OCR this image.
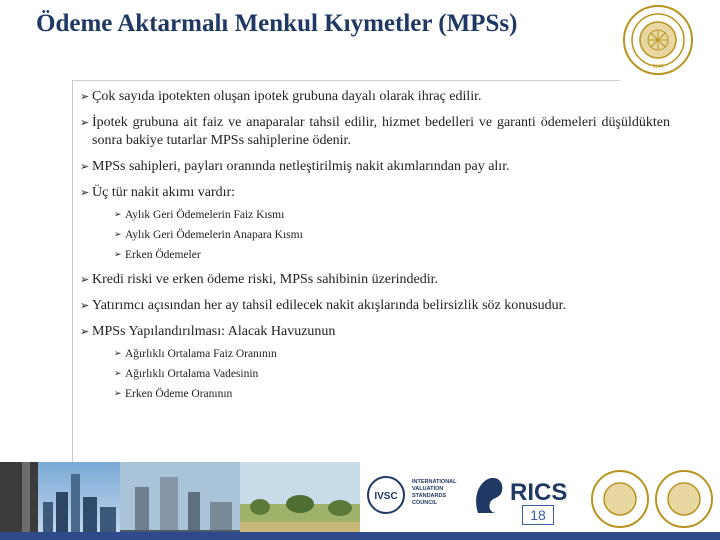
Ödeme Aktarmalı Menkul Kıymetler (MPSs)
1946
➢ Çok sayıda ipotekten oluşan ipotek grubuna dayalı olarak ihraç edilir.
➢ İpotek grubuna ait faiz ve anaparalar tahsil edilir, hizmet bedelleri ve garanti ödemeleri düşüldükten sonra bakiye tutarlar MPSs sahiplerine ödenir.
➢ MPSs sahipleri, payları oranında netleştirilmiş nakit akımlarından pay alır.
➢ Üç tür nakit akımı vardır:
➢ Aylık Geri Ödemelerin Faiz Kısmı
➢ Aylık Geri Ödemelerin Anapara Kısmı
➢ Erken Ödemeler
➢ Kredi riski ve erken ödeme riski, MPSs sahibinin üzerindedir.
➢ Yatırımcı açısından her ay tahsil edilecek nakit akışlarında belirsizlik söz konusudur.
➢ MPSs Yapılandırılması: Alacak Havuzunun
➢ Ağırlıklı Ortalama Faiz Oranının
➢ Ağırlıklı Ortalama Vadesinin
➢ Erken Ödeme Oranının
IVSC
INTERNATIONAL
VALUATION
STANDARDS
COUNCIL	RICS
18
